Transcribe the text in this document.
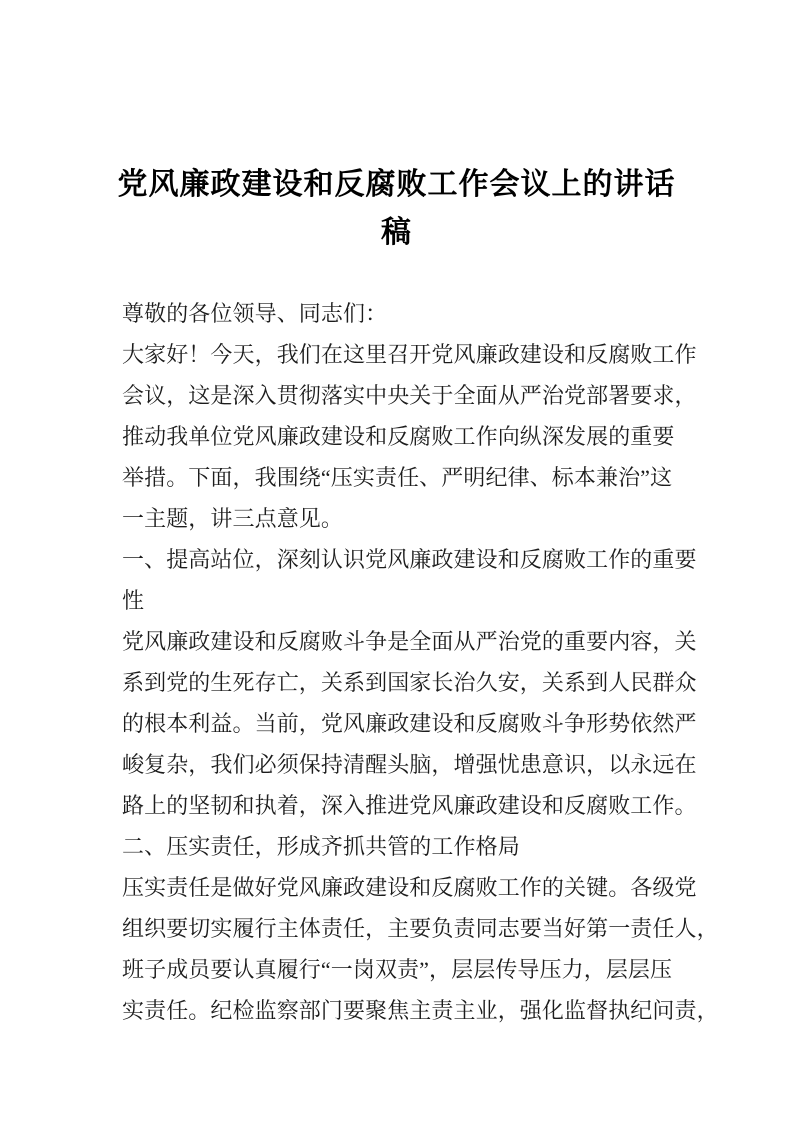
党风廉政建设和反腐败工作会议上的讲话
稿
尊敬的各位领导、同志们：
大家好！今天，我们在这里召开党风廉政建设和反腐败工作
会议，这是深入贯彻落实中央关于全面从严治党部署要求，
推动我单位党风廉政建设和反腐败工作向纵深发展的重要
举措。下面，我围绕“压实责任、严明纪律、标本兼治”这
一主题，讲三点意见。
一、提高站位，深刻认识党风廉政建设和反腐败工作的重要
性
党风廉政建设和反腐败斗争是全面从严治党的重要内容，关
系到党的生死存亡，关系到国家长治久安，关系到人民群众
的根本利益。当前，党风廉政建设和反腐败斗争形势依然严
峻复杂，我们必须保持清醒头脑，增强忧患意识，以永远在
路上的坚韧和执着，深入推进党风廉政建设和反腐败工作。
二、压实责任，形成齐抓共管的工作格局
压实责任是做好党风廉政建设和反腐败工作的关键。各级党
组织要切实履行主体责任，主要负责同志要当好第一责任人，
班子成员要认真履行“一岗双责”，层层传导压力，层层压
实责任。纪检监察部门要聚焦主责主业，强化监督执纪问责，
